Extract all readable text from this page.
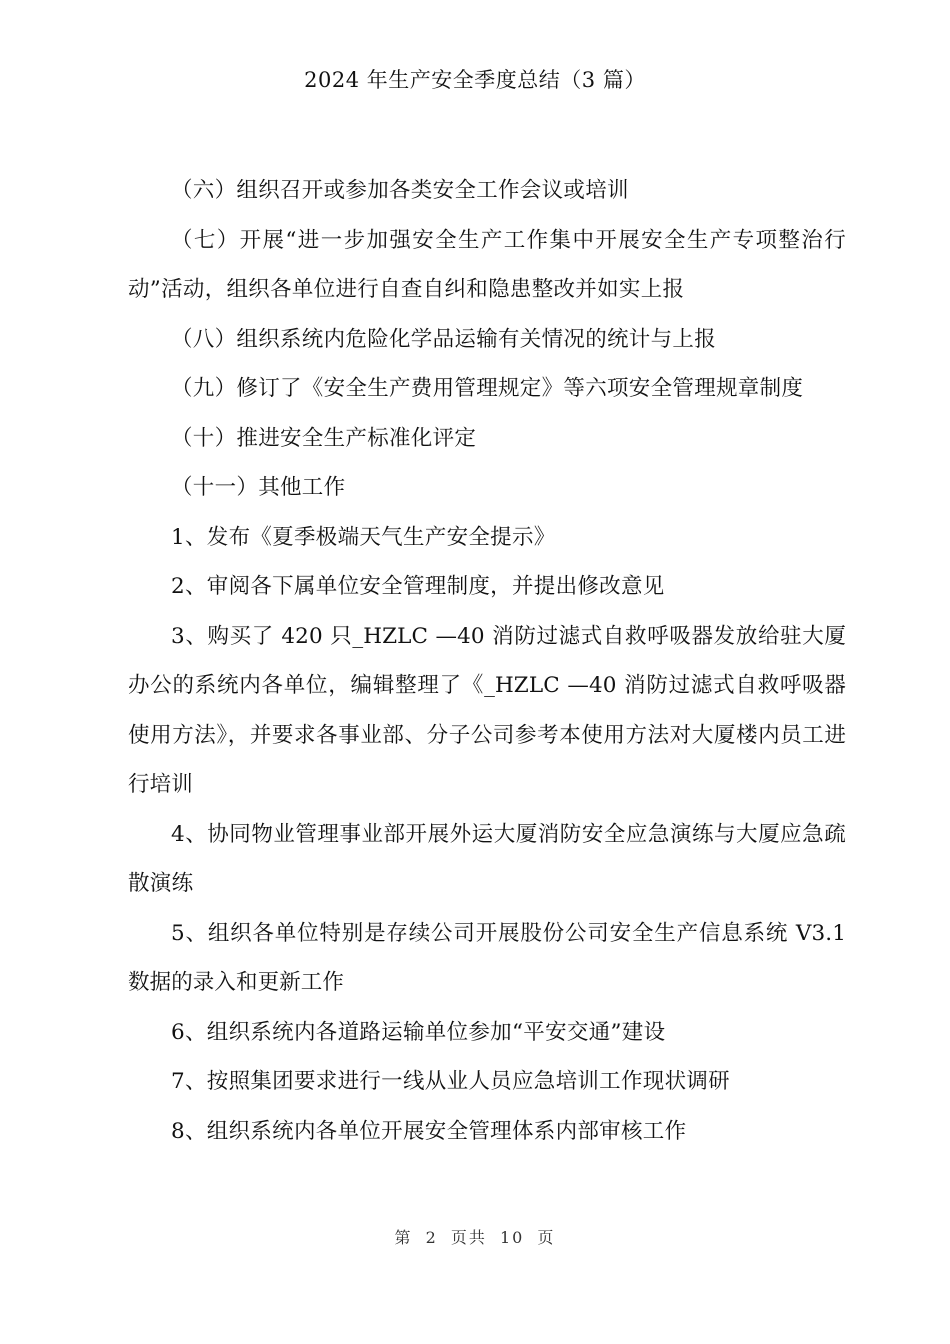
2024 年生产安全季度总结（3 篇）

（六）组织召开或参加各类安全工作会议或培训

（七）开展“进一步加强安全生产工作集中开展安全生产专项整治行动”活动，组织各单位进行自查自纠和隐患整改并如实上报

（八）组织系统内危险化学品运输有关情况的统计与上报

（九）修订了《安全生产费用管理规定》等六项安全管理规章制度

（十）推进安全生产标准化评定

（十一）其他工作

1、发布《夏季极端天气生产安全提示》

2、审阅各下属单位安全管理制度，并提出修改意见

3、购买了 420 只_HZLC —40 消防过滤式自救呼吸器发放给驻大厦办公的系统内各单位，编辑整理了《_HZLC —40 消防过滤式自救呼吸器使用方法》，并要求各事业部、分子公司参考本使用方法对大厦楼内员工进行培训

4、协同物业管理事业部开展外运大厦消防安全应急演练与大厦应急疏散演练

5、组织各单位特别是存续公司开展股份公司安全生产信息系统 V3.1 数据的录入和更新工作

6、组织系统内各道路运输单位参加“平安交通”建设

7、按照集团要求进行一线从业人员应急培训工作现状调研

8、组织系统内各单位开展安全管理体系内部审核工作

第 2 页共 10 页
